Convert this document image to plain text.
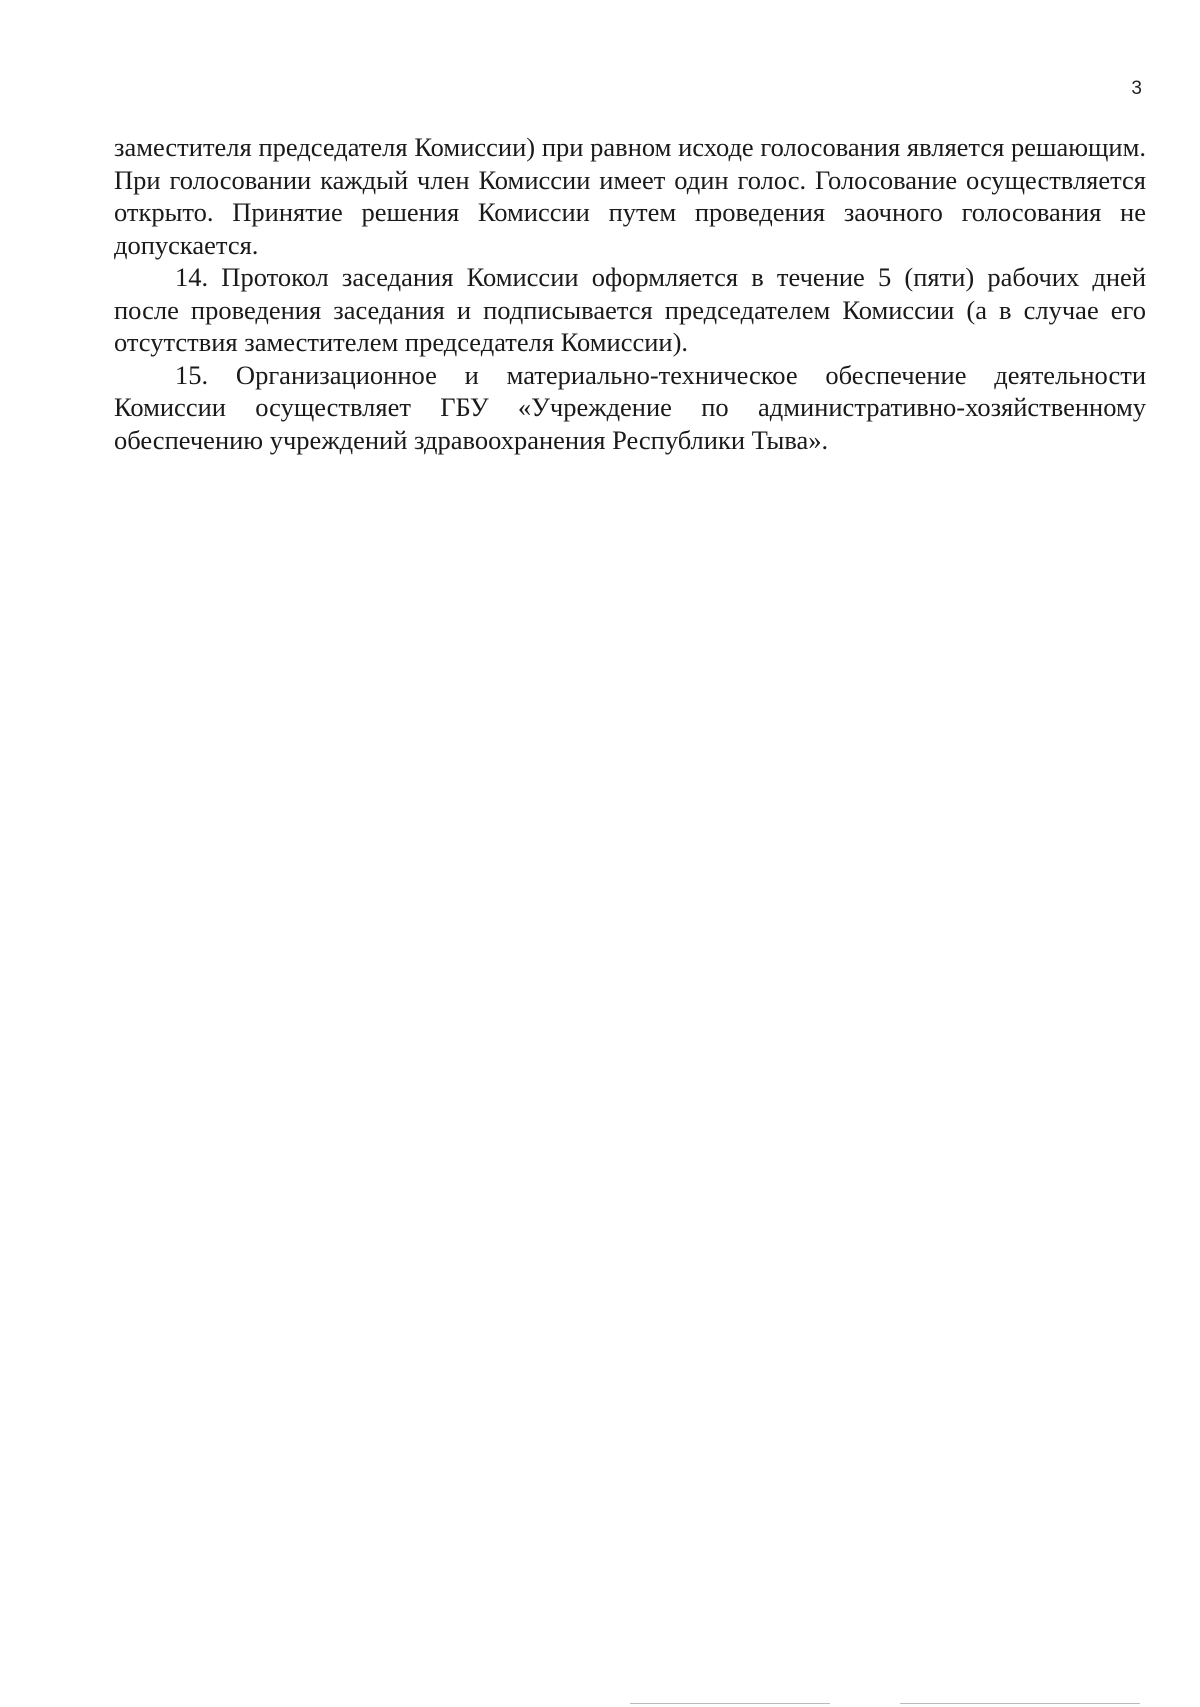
3

заместителя председателя Комиссии) при равном исходе голосования является решающим. При голосовании каждый член Комиссии имеет один голос. Голосование осуществляется открыто. Принятие решения Комиссии путем проведения заочного голосования не допускается.

14. Протокол заседания Комиссии оформляется в течение 5 (пяти) рабочих дней после проведения заседания и подписывается председателем Комиссии (а в случае его отсутствия заместителем председателя Комиссии).

15. Организационное и материально-техническое обеспечение деятельности Комиссии осуществляет ГБУ «Учреждение по административно-хозяйственному обеспечению учреждений здравоохранения Республики Тыва».
